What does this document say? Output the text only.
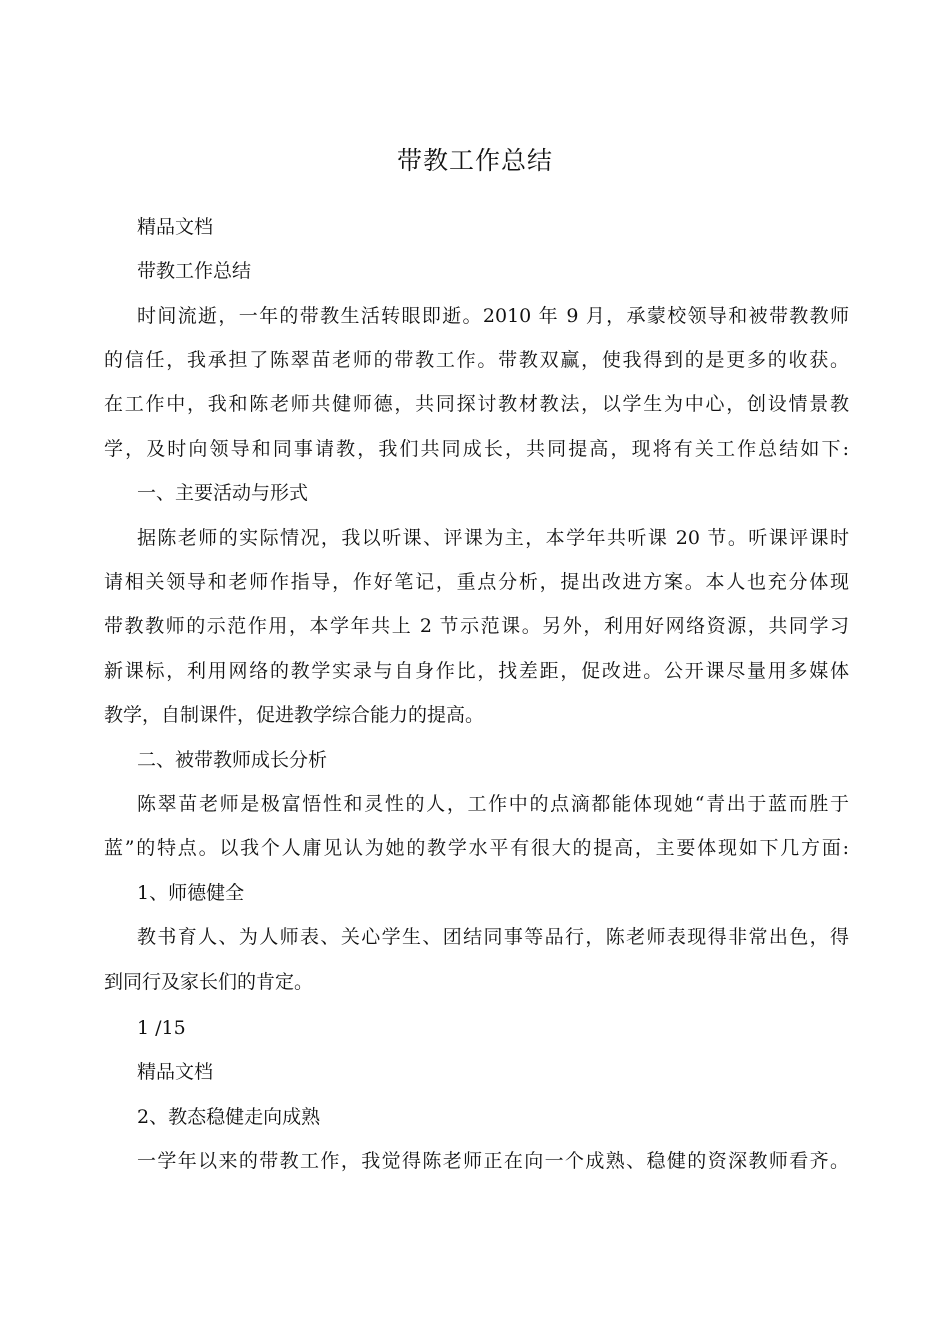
带教工作总结

精品文档

带教工作总结

时间流逝，一年的带教生活转眼即逝。2010 年 9 月，承蒙校领导和被带教教师

的信任，我承担了陈翠苗老师的带教工作。带教双赢，使我得到的是更多的收获。

在工作中，我和陈老师共健师德，共同探讨教材教法，以学生为中心，创设情景教

学，及时向领导和同事请教，我们共同成长，共同提高，现将有关工作总结如下:

一、主要活动与形式

据陈老师的实际情况，我以听课、评课为主，本学年共听课 20 节。听课评课时

请相关领导和老师作指导，作好笔记，重点分析，提出改进方案。本人也充分体现

带教教师的示范作用，本学年共上 2 节示范课。另外，利用好网络资源，共同学习

新课标，利用网络的教学实录与自身作比，找差距，促改进。公开课尽量用多媒体

教学，自制课件，促进教学综合能力的提高。

二、被带教师成长分析

陈翠苗老师是极富悟性和灵性的人，工作中的点滴都能体现她“青出于蓝而胜于

蓝”的特点。以我个人庸见认为她的教学水平有很大的提高，主要体现如下几方面:

1、师德健全

教书育人、为人师表、关心学生、团结同事等品行，陈老师表现得非常出色，得

到同行及家长们的肯定。

1 /15

精品文档

2、教态稳健走向成熟

一学年以来的带教工作，我觉得陈老师正在向一个成熟、稳健的资深教师看齐。
